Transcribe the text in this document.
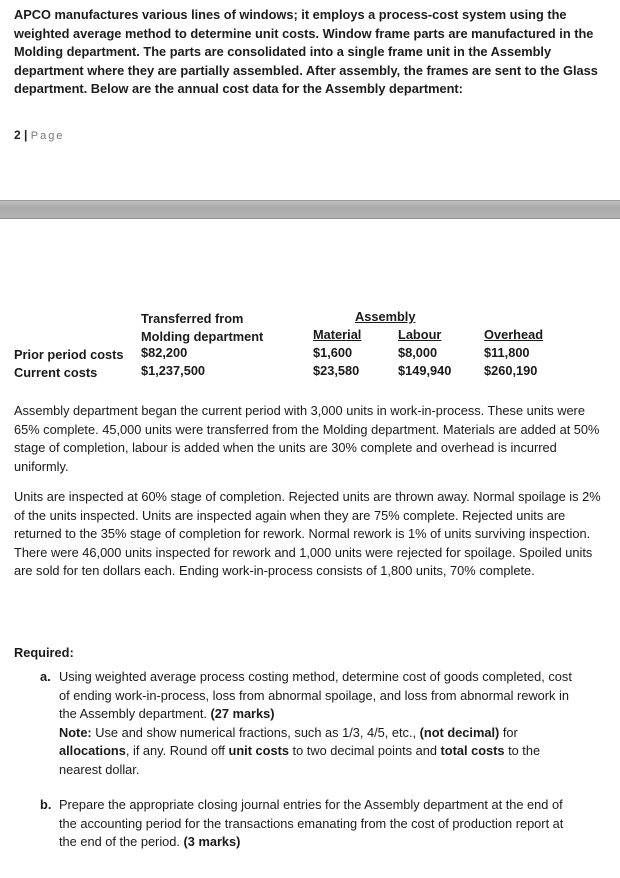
APCO manufactures various lines of windows; it employs a process-cost system using the weighted average method to determine unit costs. Window frame parts are manufactured in the Molding department. The parts are consolidated into a single frame unit in the Assembly department where they are partially assembled. After assembly, the frames are sent to the Glass department. Below are the annual cost data for the Assembly department:

2 | Page
Transferred from
Molding department
Assembly
Material	Labour	Overhead
Prior period costs $82,200	$1,600	$8,000	$11,800
Current costs	$1,237,500	$23,580	$149,940	$260,190

Assembly department began the current period with 3,000 units in work-in-process. These units were 65% complete. 45,000 units were transferred from the Molding department. Materials are added at 50% stage of completion, labour is added when the units are 30% complete and overhead is incurred uniformly.

Units are inspected at 60% stage of completion. Rejected units are thrown away. Normal spoilage is 2% of the units inspected. Units are inspected again when they are 75% complete. Rejected units are returned to the 35% stage of completion for rework. Normal rework is 1% of units surviving inspection. There were 46,000 units inspected for rework and 1,000 units were rejected for spoilage. Spoiled units are sold for ten dollars each. Ending work-in-process consists of 1,800 units, 70% complete.

Required:
a. Using weighted average process costing method, determine cost of goods completed, cost of ending work-in-process, loss from abnormal spoilage, and loss from abnormal rework in the Assembly department. (27 marks)
Note: Use and show numerical fractions, such as 1/3, 4/5, etc., (not decimal) for allocations, if any. Round off unit costs to two decimal points and total costs to the nearest dollar.
b. Prepare the appropriate closing journal entries for the Assembly department at the end of the accounting period for the transactions emanating from the cost of production report at the end of the period. (3 marks)
